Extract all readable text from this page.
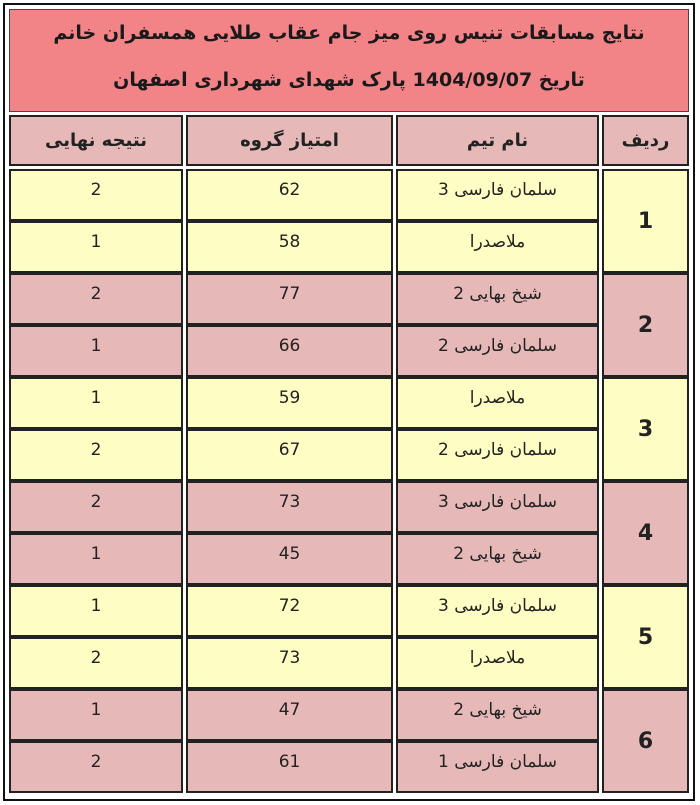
نتایج مسابقات تنیس روی میز جام عقاب طلایی همسفران خانم
تاریخ 1404/09/07 پارک شهدای شهرداری اصفهان
ردیف
نام تیم
امتیاز گروه
نتیجه نهایی
1
سلمان فارسی 3
62
2
ملاصدرا
58
1
2
شیخ بهایی 2
77
2
سلمان فارسی 2
66
1
3
ملاصدرا
59
1
سلمان فارسی 2
67
2
4
سلمان فارسی 3
73
2
شیخ بهایی 2
45
1
5
سلمان فارسی 3
72
1
ملاصدرا
73
2
6
شیخ بهایی 2
47
1
سلمان فارسی 1
61
2
